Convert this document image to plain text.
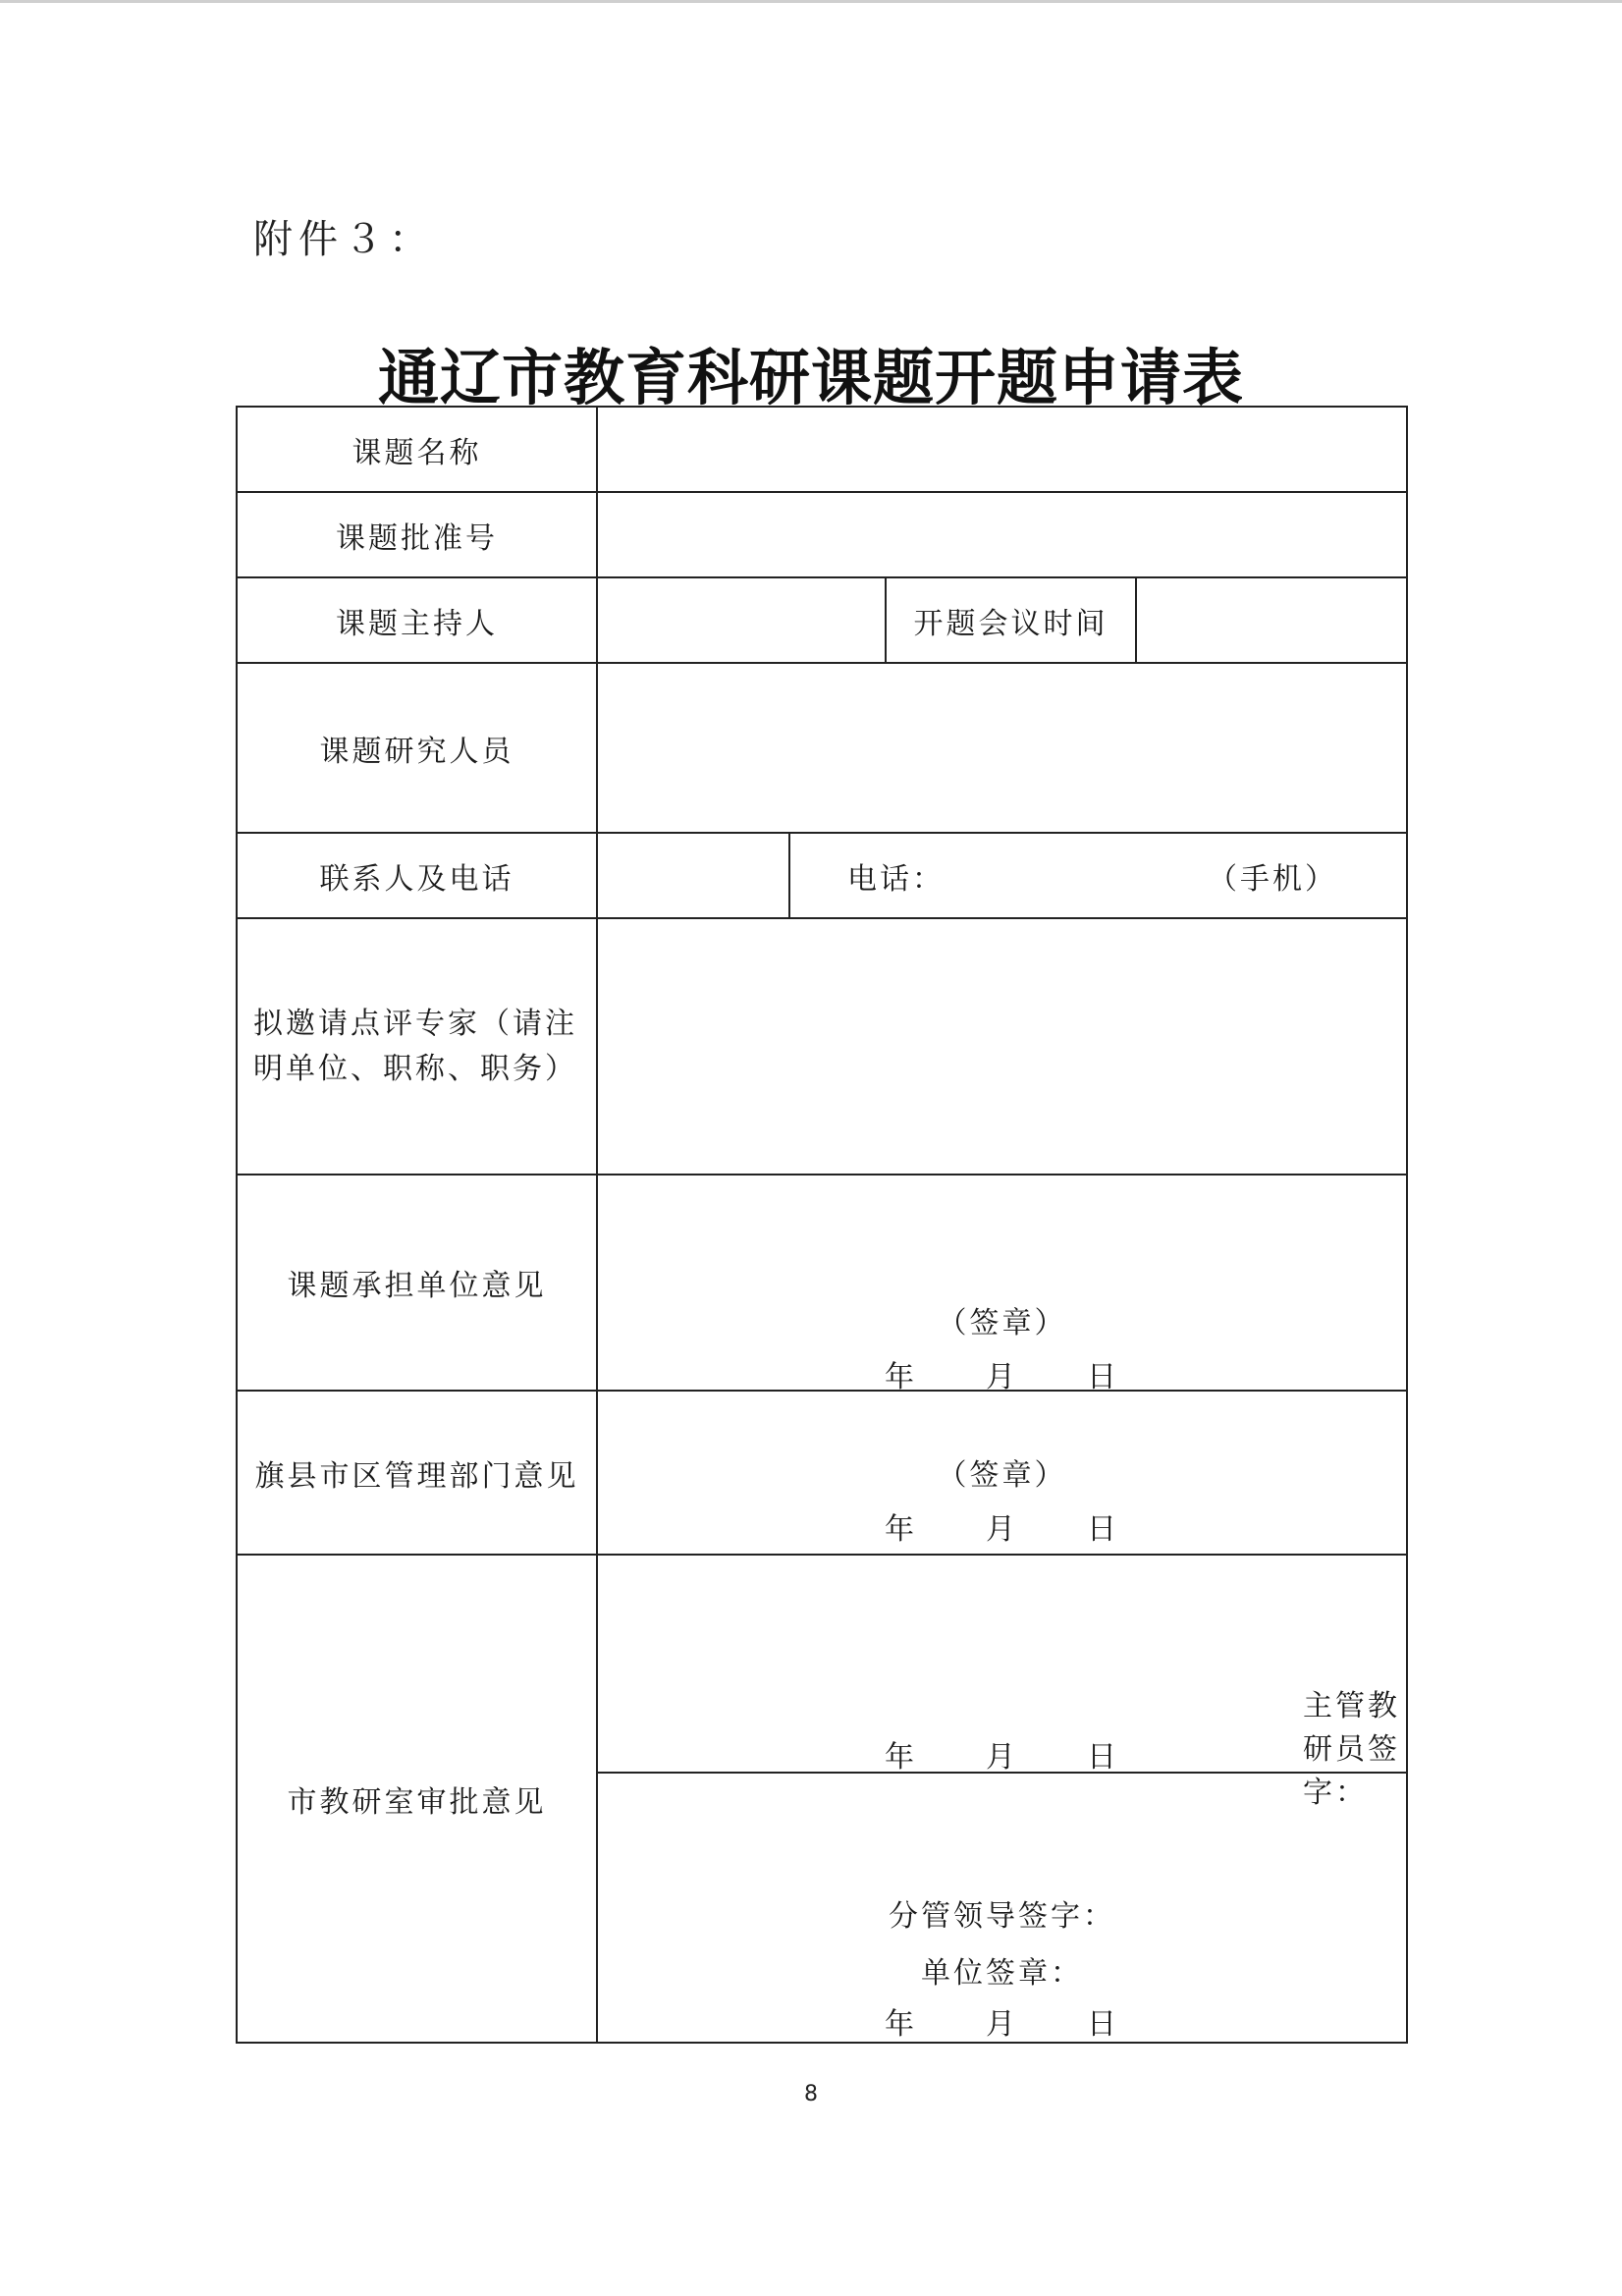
附件３：
通辽市教育科研课题开题申请表
课题名称				
课题批准号				
课题主持人			开题会议时间	
课题研究人员				
联系人及电话		电话： （手机）		

拟邀请点评专家（请注明单位、职称、职务）				
课题承担单位意见	（签章）
年 月 日			

旗县市区管理部门意见	（签章）
年 月 日			

市教研室审批意见	主管教研员签字：
年 月 日			

	分管领导签字：
单位签章：
年 月 日			
8
